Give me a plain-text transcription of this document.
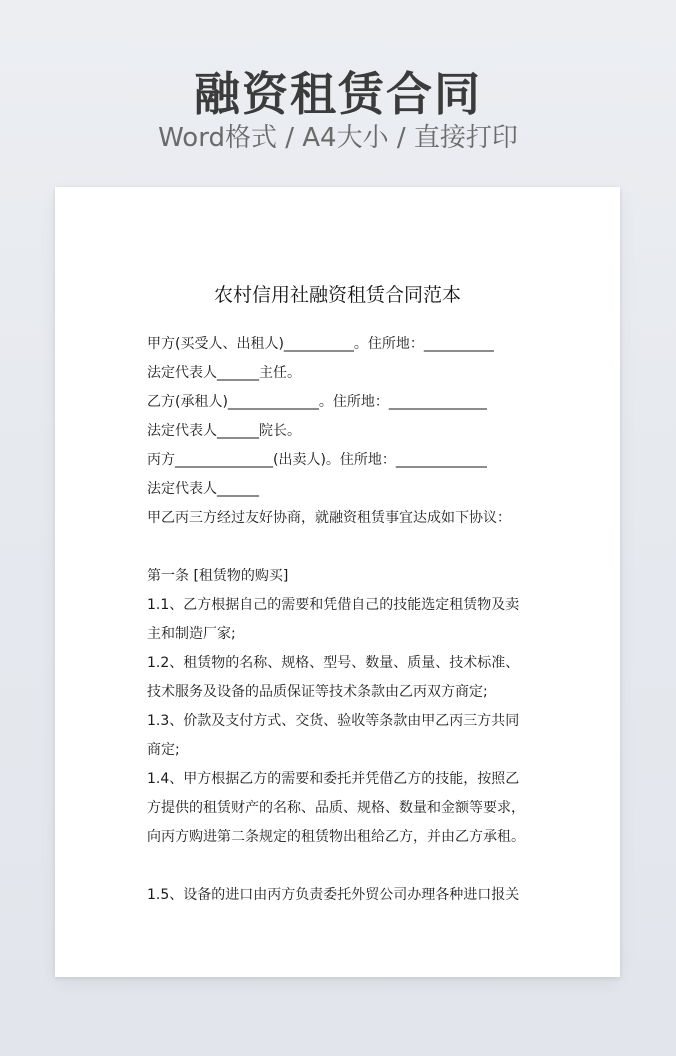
融资租赁合同
Word格式 / A4大小 / 直接打印
农村信用社融资租赁合同范本
甲方(买受人、出租人)__________。住所地：__________
法定代表人______主任。
乙方(承租人)_____________。住所地：______________
法定代表人______院长。
丙方______________(出卖人)。住所地：_____________
法定代表人______
甲乙丙三方经过友好协商，就融资租赁事宜达成如下协议：
第一条 [租赁物的购买]
1.1、乙方根据自己的需要和凭借自己的技能选定租赁物及卖
主和制造厂家;
1.2、租赁物的名称、规格、型号、数量、质量、技术标准、
技术服务及设备的品质保证等技术条款由乙丙双方商定;
1.3、价款及支付方式、交货、验收等条款由甲乙丙三方共同
商定;
1.4、甲方根据乙方的需要和委托并凭借乙方的技能，按照乙
方提供的租赁财产的名称、品质、规格、数量和金额等要求，
向丙方购进第二条规定的租赁物出租给乙方，并由乙方承租。
1.5、设备的进口由丙方负责委托外贸公司办理各种进口报关
